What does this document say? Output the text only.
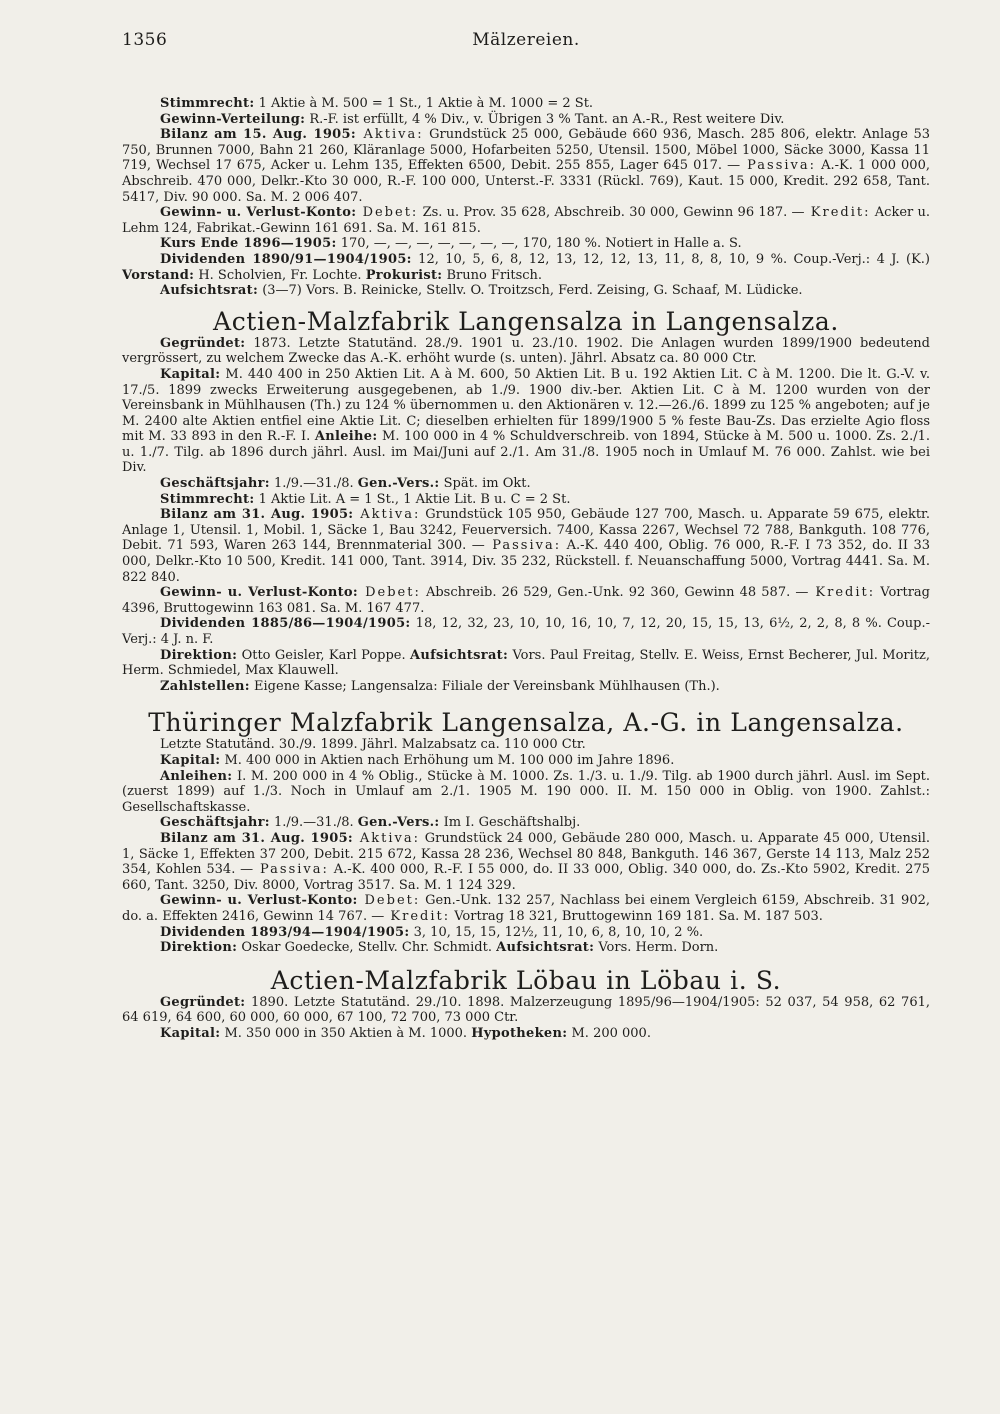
1356	Mälzereien.

Stimmrecht: 1 Aktie à M. 500 = 1 St., 1 Aktie à M. 1000 = 2 St.

Gewinn-Verteilung: R.-F. ist erfüllt, 4 % Div., v. Übrigen 3 % Tant. an A.-R., Rest weitere Div.

Bilanz am 15. Aug. 1905: Aktiva: Grundstück 25 000, Gebäude 660 936, Masch. 285 806, elektr. Anlage 53 750, Brunnen 7000, Bahn 21 260, Kläranlage 5000, Hofarbeiten 5250, Utensil. 1500, Möbel 1000, Säcke 3000, Kassa 11 719, Wechsel 17 675, Acker u. Lehm 135, Effekten 6500, Debit. 255 855, Lager 645 017. — Passiva: A.-K. 1 000 000, Abschreib. 470 000, Delkr.-Kto 30 000, R.-F. 100 000, Unterst.-F. 3331 (Rückl. 769), Kaut. 15 000, Kredit. 292 658, Tant. 5417, Div. 90 000. Sa. M. 2 006 407.

Gewinn- u. Verlust-Konto: Debet: Zs. u. Prov. 35 628, Abschreib. 30 000, Gewinn 96 187. — Kredit: Acker u. Lehm 124, Fabrikat.-Gewinn 161 691. Sa. M. 161 815.

Kurs Ende 1896—1905: 170, —, —, —, —, —, —, —, 170, 180 %. Notiert in Halle a. S.

Dividenden 1890/91—1904/1905: 12, 10, 5, 6, 8, 12, 13, 12, 12, 13, 11, 8, 8, 10, 9 %. Coup.-Verj.: 4 J. (K.) Vorstand: H. Scholvien, Fr. Lochte. Prokurist: Bruno Fritsch.

Aufsichtsrat: (3—7) Vors. B. Reinicke, Stellv. O. Troitzsch, Ferd. Zeising, G. Schaaf, M. Lüdicke.

Actien-Malzfabrik Langensalza in Langensalza.

Gegründet: 1873. Letzte Statutänd. 28./9. 1901 u. 23./10. 1902. Die Anlagen wurden 1899/1900 bedeutend vergrössert, zu welchem Zwecke das A.-K. erhöht wurde (s. unten). Jährl. Absatz ca. 80 000 Ctr.

Kapital: M. 440 400 in 250 Aktien Lit. A à M. 600, 50 Aktien Lit. B u. 192 Aktien Lit. C à M. 1200. Die lt. G.-V. v. 17./5. 1899 zwecks Erweiterung ausgegebenen, ab 1./9. 1900 div.-ber. Aktien Lit. C à M. 1200 wurden von der Vereinsbank in Mühlhausen (Th.) zu 124 % übernommen u. den Aktionären v. 12.—26./6. 1899 zu 125 % angeboten; auf je M. 2400 alte Aktien entfiel eine Aktie Lit. C; dieselben erhielten für 1899/1900 5 % feste Bau-Zs. Das erzielte Agio floss mit M. 33 893 in den R.-F. I. Anleihe: M. 100 000 in 4 % Schuldverschreib. von 1894, Stücke à M. 500 u. 1000. Zs. 2./1. u. 1./7. Tilg. ab 1896 durch jährl. Ausl. im Mai/Juni auf 2./1. Am 31./8. 1905 noch in Umlauf M. 76 000. Zahlst. wie bei Div.

Geschäftsjahr: 1./9.—31./8. Gen.-Vers.: Spät. im Okt.

Stimmrecht: 1 Aktie Lit. A = 1 St., 1 Aktie Lit. B u. C = 2 St.

Bilanz am 31. Aug. 1905: Aktiva: Grundstück 105 950, Gebäude 127 700, Masch. u. Apparate 59 675, elektr. Anlage 1, Utensil. 1, Mobil. 1, Säcke 1, Bau 3242, Feuerversich. 7400, Kassa 2267, Wechsel 72 788, Bankguth. 108 776, Debit. 71 593, Waren 263 144, Brennmaterial 300. — Passiva: A.-K. 440 400, Oblig. 76 000, R.-F. I 73 352, do. II 33 000, Delkr.-Kto 10 500, Kredit. 141 000, Tant. 3914, Div. 35 232, Rückstell. f. Neuanschaffung 5000, Vortrag 4441. Sa. M. 822 840.

Gewinn- u. Verlust-Konto: Debet: Abschreib. 26 529, Gen.-Unk. 92 360, Gewinn 48 587. — Kredit: Vortrag 4396, Bruttogewinn 163 081. Sa. M. 167 477.

Dividenden 1885/86—1904/1905: 18, 12, 32, 23, 10, 10, 16, 10, 7, 12, 20, 15, 15, 13, 6½, 2, 2, 8, 8 %. Coup.-Verj.: 4 J. n. F.

Direktion: Otto Geisler, Karl Poppe. Aufsichtsrat: Vors. Paul Freitag, Stellv. E. Weiss, Ernst Becherer, Jul. Moritz, Herm. Schmiedel, Max Klauwell.

Zahlstellen: Eigene Kasse; Langensalza: Filiale der Vereinsbank Mühlhausen (Th.).

Thüringer Malzfabrik Langensalza, A.-G. in Langensalza.

Letzte Statutänd. 30./9. 1899. Jährl. Malzabsatz ca. 110 000 Ctr.

Kapital: M. 400 000 in Aktien nach Erhöhung um M. 100 000 im Jahre 1896.

Anleihen: I. M. 200 000 in 4 % Oblig., Stücke à M. 1000. Zs. 1./3. u. 1./9. Tilg. ab 1900 durch jährl. Ausl. im Sept. (zuerst 1899) auf 1./3. Noch in Umlauf am 2./1. 1905 M. 190 000. II. M. 150 000 in Oblig. von 1900. Zahlst.: Gesellschaftskasse.

Geschäftsjahr: 1./9.—31./8. Gen.-Vers.: Im I. Geschäftshalbj.

Bilanz am 31. Aug. 1905: Aktiva: Grundstück 24 000, Gebäude 280 000, Masch. u. Apparate 45 000, Utensil. 1, Säcke 1, Effekten 37 200, Debit. 215 672, Kassa 28 236, Wechsel 80 848, Bankguth. 146 367, Gerste 14 113, Malz 252 354, Kohlen 534. — Passiva: A.-K. 400 000, R.-F. I 55 000, do. II 33 000, Oblig. 340 000, do. Zs.-Kto 5902, Kredit. 275 660, Tant. 3250, Div. 8000, Vortrag 3517. Sa. M. 1 124 329.

Gewinn- u. Verlust-Konto: Debet: Gen.-Unk. 132 257, Nachlass bei einem Vergleich 6159, Abschreib. 31 902, do. a. Effekten 2416, Gewinn 14 767. — Kredit: Vortrag 18 321, Bruttogewinn 169 181. Sa. M. 187 503.

Dividenden 1893/94—1904/1905: 3, 10, 15, 15, 12½, 11, 10, 6, 8, 10, 10, 2 %.

Direktion: Oskar Goedecke, Stellv. Chr. Schmidt. Aufsichtsrat: Vors. Herm. Dorn.

Actien-Malzfabrik Löbau in Löbau i. S.

Gegründet: 1890. Letzte Statutänd. 29./10. 1898. Malzerzeugung 1895/96—1904/1905: 52 037, 54 958, 62 761, 64 619, 64 600, 60 000, 60 000, 67 100, 72 700, 73 000 Ctr.

Kapital: M. 350 000 in 350 Aktien à M. 1000. Hypotheken: M. 200 000.
